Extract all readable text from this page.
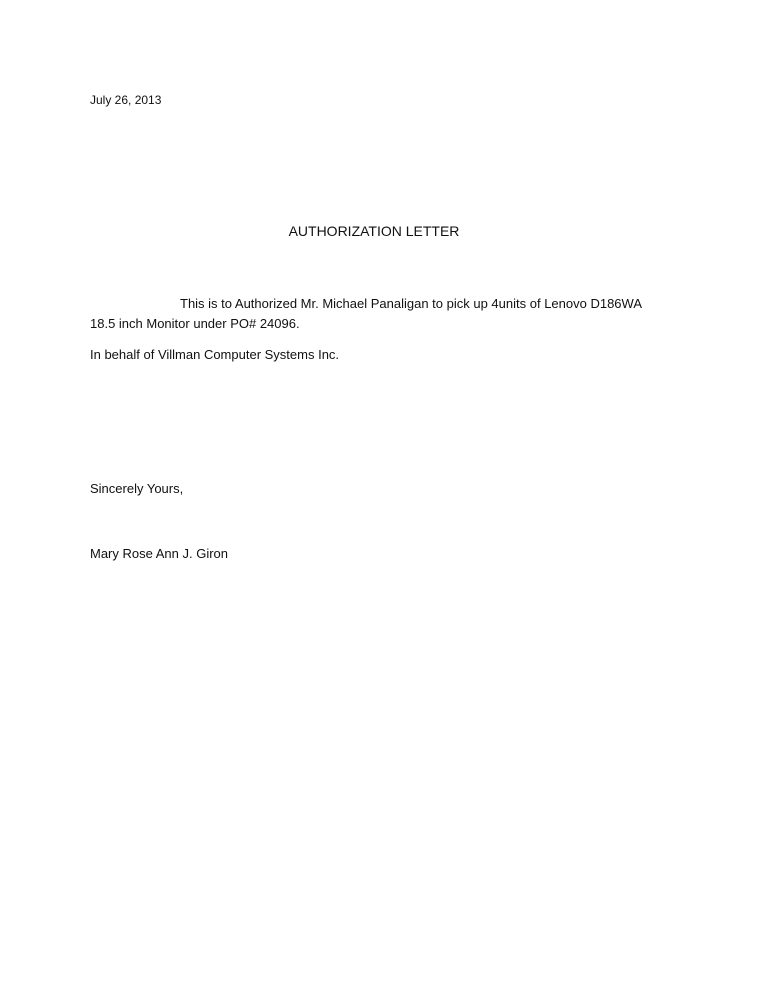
July 26, 2013
AUTHORIZATION LETTER
This is to Authorized Mr. Michael Panaligan to pick up 4units of Lenovo D186WA
18.5 inch Monitor under PO# 24096.
In behalf of Villman Computer Systems Inc.
Sincerely Yours,
Mary Rose Ann J. Giron
